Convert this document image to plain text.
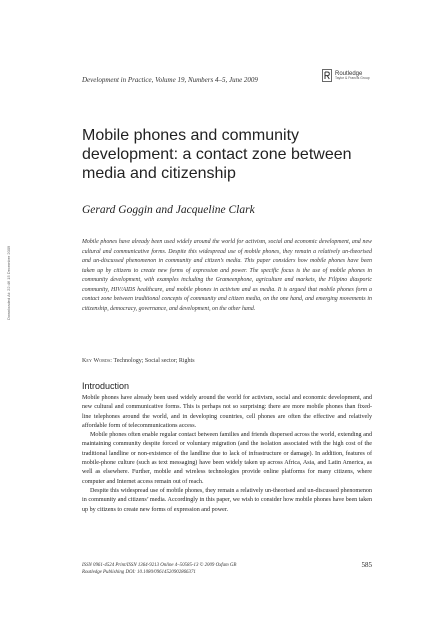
Downloaded At: 22:46 15 December 2009
Development in Practice, Volume 19, Numbers 4–5, June 2009
Routledge
Taylor & Francis Group
Mobile phones and community development: a contact zone between media and citizenship
Gerard Goggin and Jacqueline Clark

Mobile phones have already been used widely around the world for activism, social and economic development, and new cultural and communicative forms. Despite this widespread use of mobile phones, they remain a relatively un-theorised and un-discussed phenomenon in community and citizen’s media. This paper considers how mobile phones have been taken up by citizens to create new forms of expression and power. The specific focus is the use of mobile phones in community development, with examples including the Grameenphone, agriculture and markets, the Filipino diasporic community, HIV/AIDS healthcare, and mobile phones in activism and as media. It is argued that mobile phones form a contact zone between traditional concepts of community and citizen media, on the one hand, and emerging movements in citizenship, democracy, governance, and development, on the other hand.

Key Words: Technology; Social sector; Rights
Introduction

Mobile phones have already been used widely around the world for activism, social and economic development, and new cultural and communicative forms. This is perhaps not so surprising: there are more mobile phones than fixed-line telephones around the world, and in developing countries, cell phones are often the effective and relatively affordable form of telecommunications access.

Mobile phones often enable regular contact between families and friends dispersed across the world, extending and maintaining community despite forced or voluntary migration (and the isolation associated with the high cost of the traditional landline or non-existence of the landline due to lack of infrastructure or damage). In addition, features of mobile-phone culture (such as text messaging) have been widely taken up across Africa, Asia, and Latin America, as well as elsewhere. Further, mobile and wireless technologies provide online platforms for many citizens, where computer and Internet access remain out of reach.

Despite this widespread use of mobile phones, they remain a relatively un-theorised and un-discussed phenomenon in community and citizens’ media. Accordingly in this paper, we wish to consider how mobile phones have been taken up by citizens to create new forms of expression and power.

ISSN 0961-4524 Print/ISSN 1364-9213 Online 4–50585-13 © 2009 Oxfam GB
Routledge Publishing DOI: 10.1080/09614520902866371
585
